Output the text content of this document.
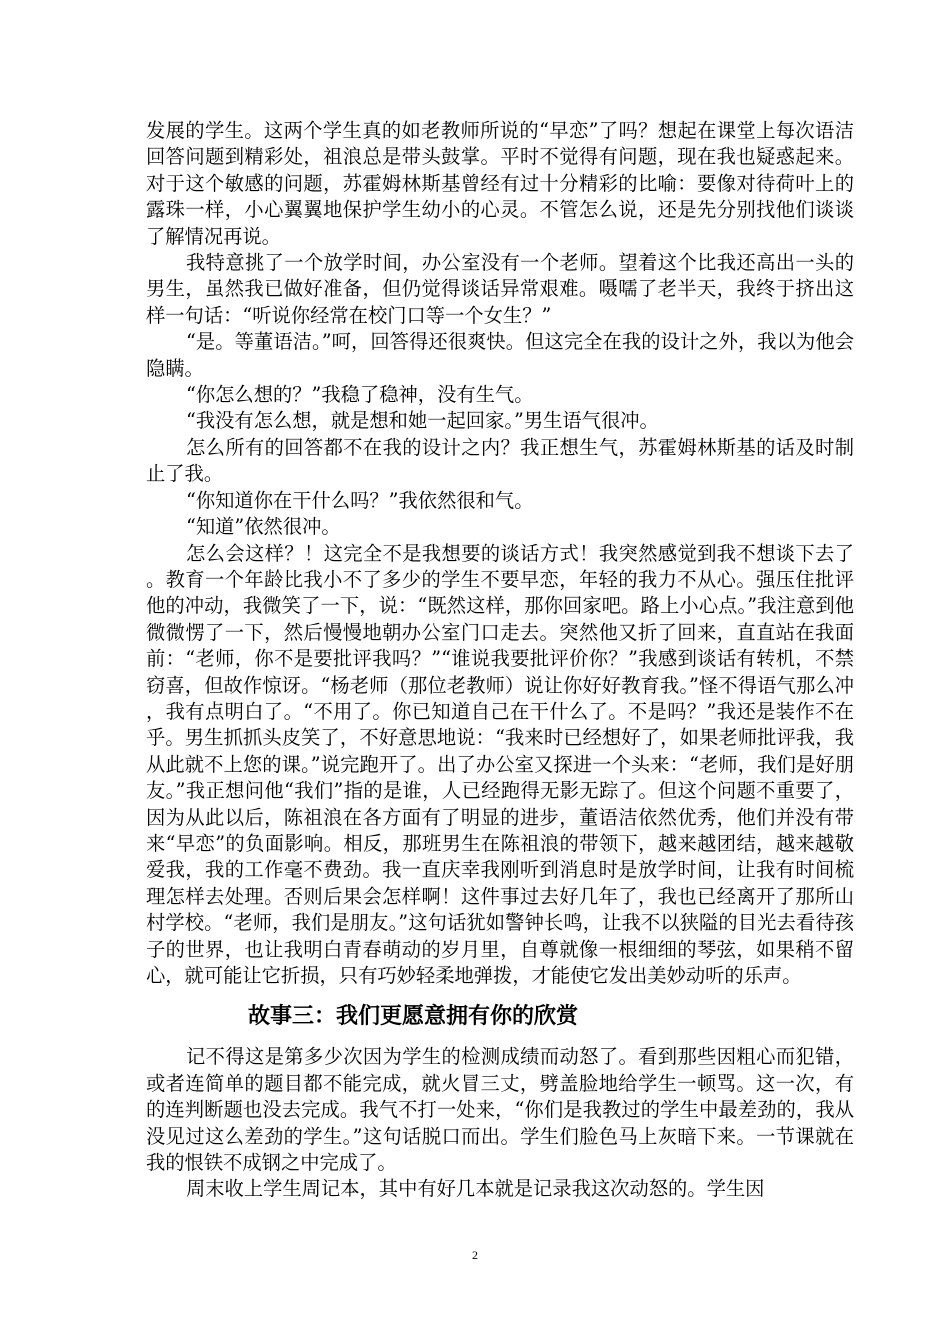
发展的学生。这两个学生真的如老教师所说的“早恋”了吗？想起在课堂上每次语洁回答问题到精彩处，祖浪总是带头鼓掌。平时不觉得有问题，现在我也疑惑起来。对于这个敏感的问题，苏霍姆林斯基曾经有过十分精彩的比喻：要像对待荷叶上的露珠一样，小心翼翼地保护学生幼小的心灵。不管怎么说，还是先分别找他们谈谈了解情况再说。

我特意挑了一个放学时间，办公室没有一个老师。望着这个比我还高出一头的男生，虽然我已做好准备，但仍觉得谈话异常艰难。嗫嚅了老半天，我终于挤出这样一句话：“听说你经常在校门口等一个女生？”

“是。等董语洁。”呵，回答得还很爽快。但这完全在我的设计之外，我以为他会隐瞒。

“你怎么想的？”我稳了稳神，没有生气。

“我没有怎么想，就是想和她一起回家。”男生语气很冲。

怎么所有的回答都不在我的设计之内？我正想生气，苏霍姆林斯基的话及时制止了我。

“你知道你在干什么吗？”我依然很和气。

“知道”依然很冲。

怎么会这样？！这完全不是我想要的谈话方式！我突然感觉到我不想谈下去了。教育一个年龄比我小不了多少的学生不要早恋，年轻的我力不从心。强压住批评他的冲动，我微笑了一下，说：“既然这样，那你回家吧。路上小心点。”我注意到他微微愣了一下，然后慢慢地朝办公室门口走去。突然他又折了回来，直直站在我面前：“老师，你不是要批评我吗？”“谁说我要批评价你？”我感到谈话有转机，不禁窃喜，但故作惊讶。“杨老师（那位老教师）说让你好好教育我。”怪不得语气那么冲，我有点明白了。“不用了。你已知道自己在干什么了。不是吗？”我还是装作不在乎。男生抓抓头皮笑了，不好意思地说：“我来时已经想好了，如果老师批评我，我从此就不上您的课。”说完跑开了。出了办公室又探进一个头来：“老师，我们是好朋友。”我正想问他“我们”指的是谁，人已经跑得无影无踪了。但这个问题不重要了，因为从此以后，陈祖浪在各方面有了明显的进步，董语洁依然优秀，他们并没有带来“早恋”的负面影响。相反，那班男生在陈祖浪的带领下，越来越团结，越来越敬爱我，我的工作毫不费劲。我一直庆幸我刚听到消息时是放学时间，让我有时间梳理怎样去处理。否则后果会怎样啊！这件事过去好几年了，我也已经离开了那所山村学校。“老师，我们是朋友。”这句话犹如警钟长鸣，让我不以狭隘的目光去看待孩子的世界，也让我明白青春萌动的岁月里，自尊就像一根细细的琴弦，如果稍不留心，就可能让它折损，只有巧妙轻柔地弹拨，才能使它发出美妙动听的乐声。

故事三：我们更愿意拥有你的欣赏

记不得这是第多少次因为学生的检测成绩而动怒了。看到那些因粗心而犯错，或者连简单的题目都不能完成，就火冒三丈，劈盖脸地给学生一顿骂。这一次，有的连判断题也没去完成。我气不打一处来，“你们是我教过的学生中最差劲的，我从没见过这么差劲的学生。”这句话脱口而出。学生们脸色马上灰暗下来。一节课就在我的恨铁不成钢之中完成了。

周末收上学生周记本，其中有好几本就是记录我这次动怒的。学生因

2
